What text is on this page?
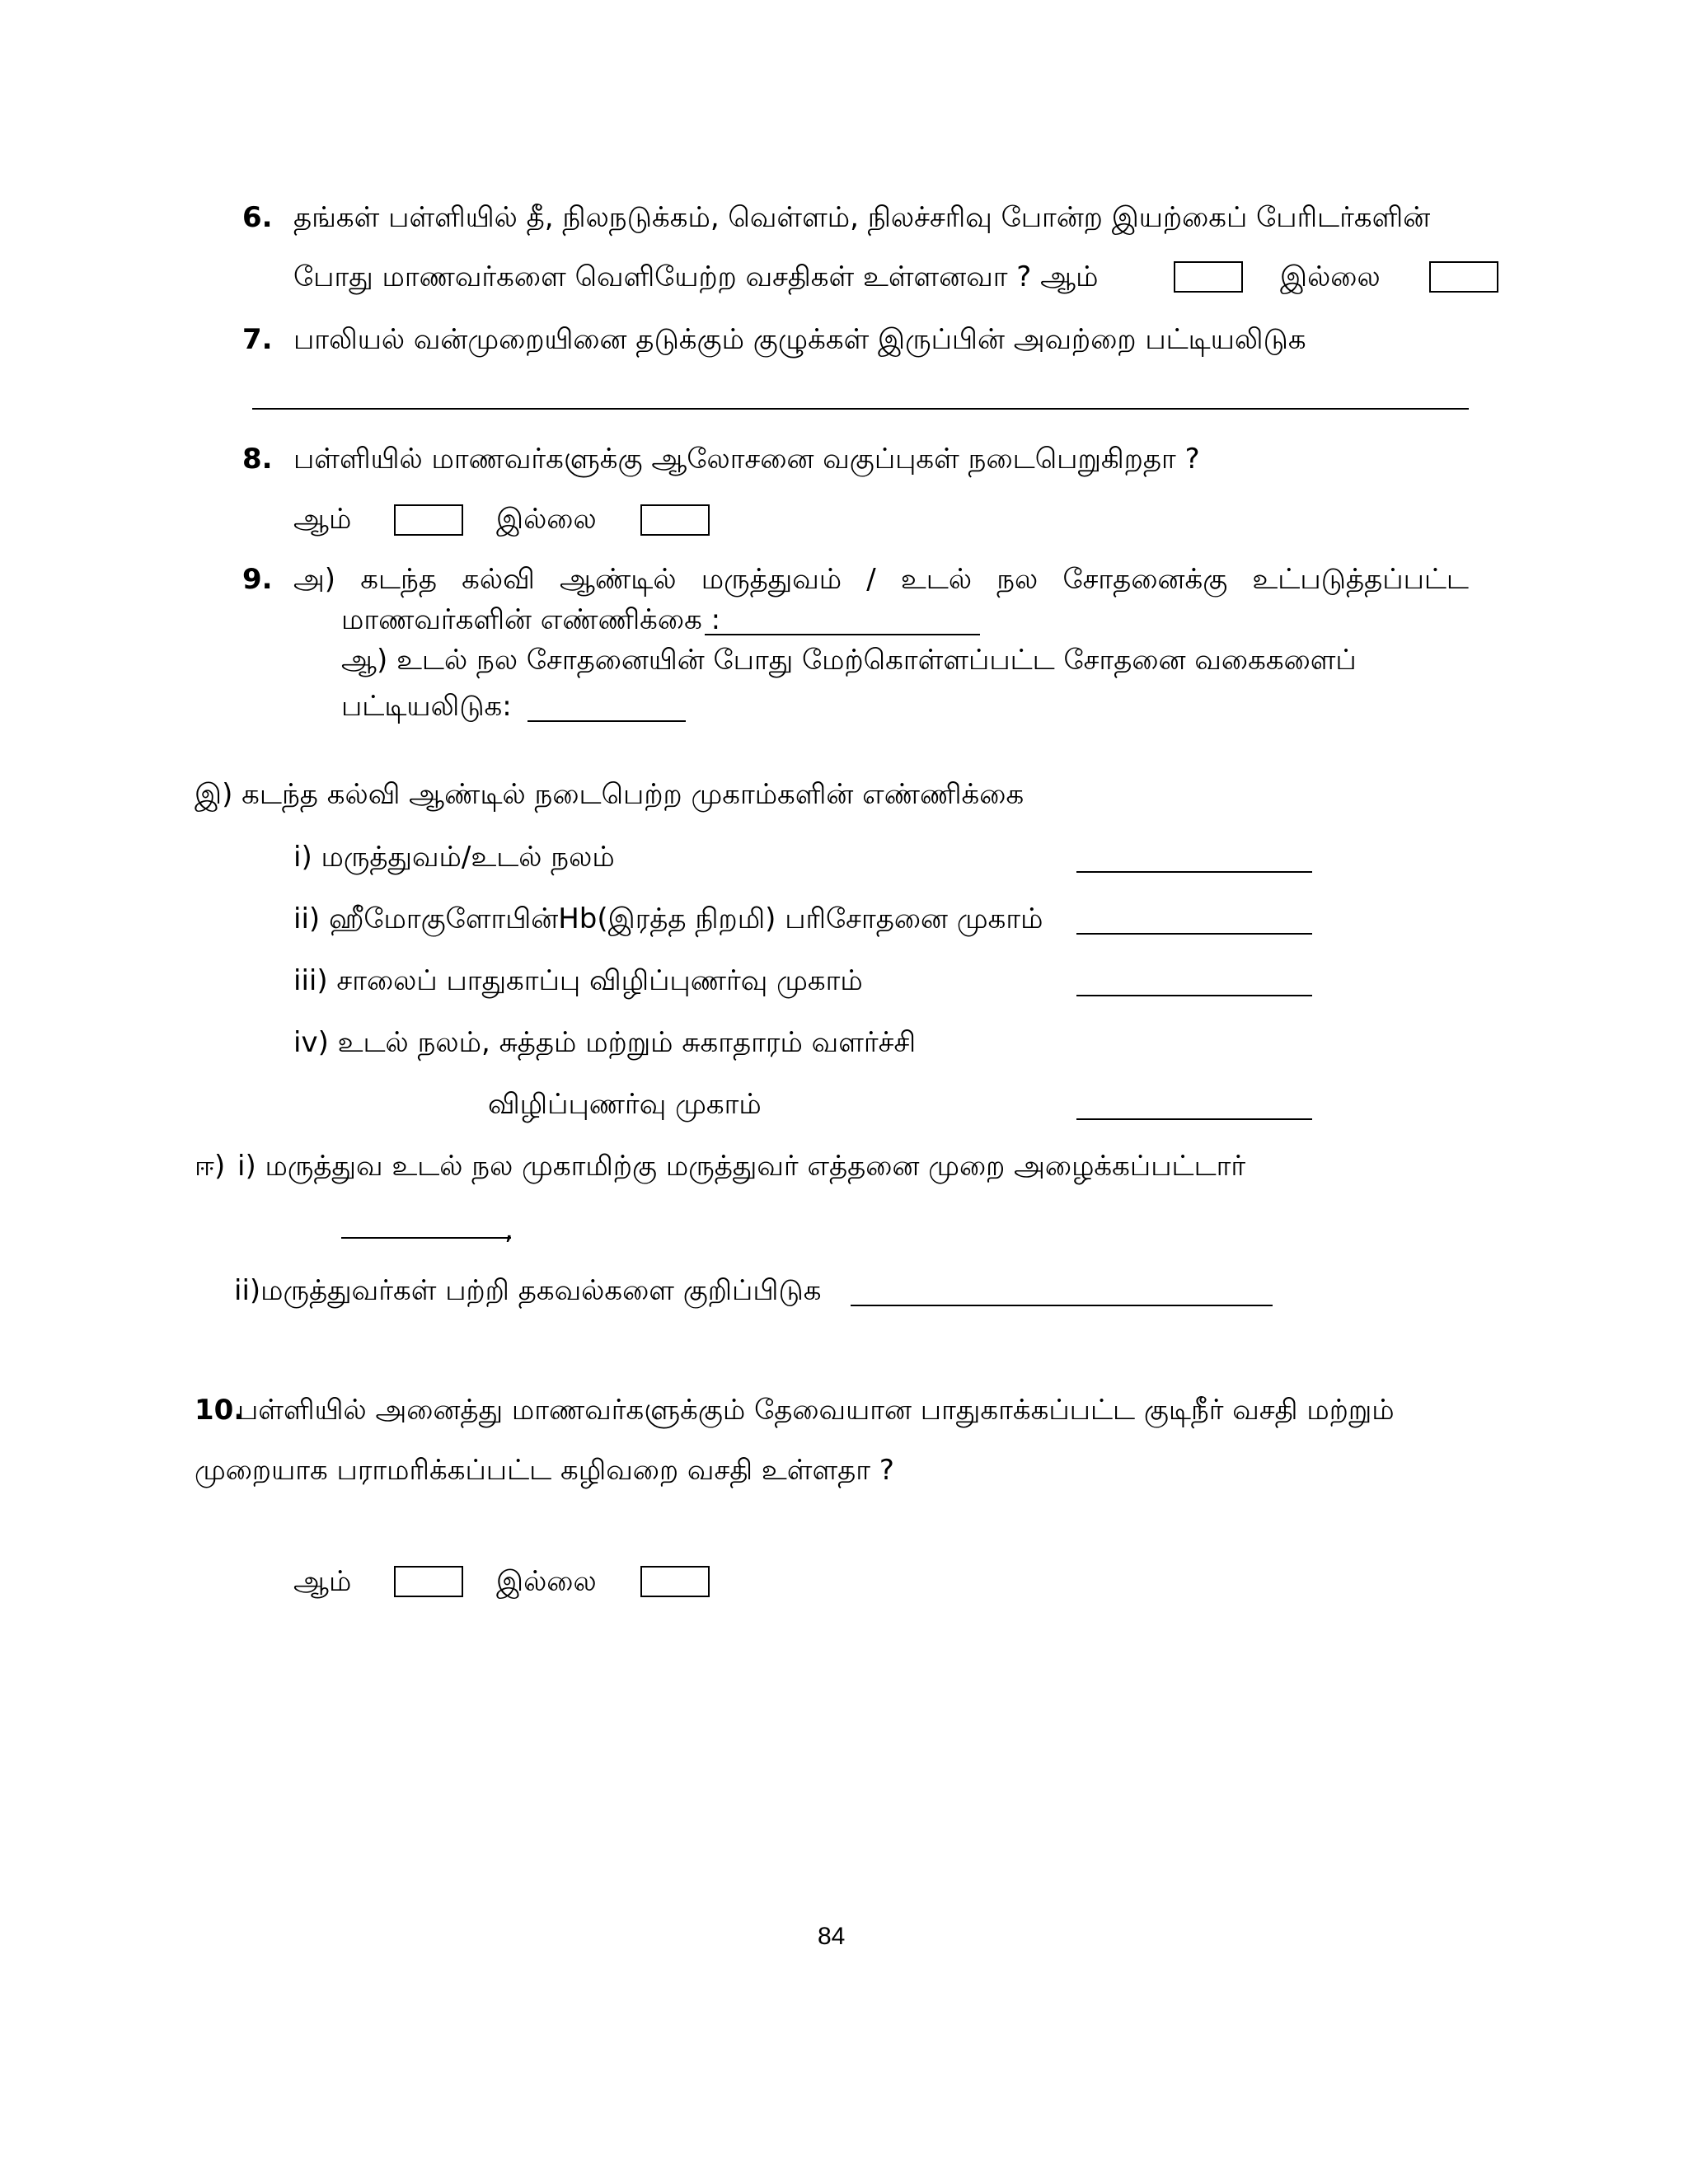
6. தங்கள் பள்ளியில் தீ, நிலநடுக்கம், வெள்ளம், நிலச்சரிவு போன்ற இயற்கைப் பேரிடர்களின்
போது மாணவர்களை வெளியேற்ற வசதிகள் உள்ளனவா ? ஆம்	இல்லை
7. பாலியல் வன்முறையினை தடுக்கும் குழுக்கள் இருப்பின் அவற்றை பட்டியலிடுக
8. பள்ளியில் மாணவர்களுக்கு ஆலோசனை வகுப்புகள் நடைபெறுகிறதா ?
ஆம்	இல்லை
9. அ) கடந்த கல்வி ஆண்டில் மருத்துவம் / உடல் நல சோதனைக்கு உட்படுத்தப்பட்ட
மாணவர்களின் எண்ணிக்கை :
ஆ) உடல் நல சோதனையின் போது மேற்கொள்ளப்பட்ட சோதனை வகைகளைப்
பட்டியலிடுக:
இ) கடந்த கல்வி ஆண்டில் நடைபெற்ற முகாம்களின் எண்ணிக்கை
i) மருத்துவம்/உடல் நலம்
ii) ஹீமோகுளோபின்Hb(இரத்த நிறமி) பரிசோதனை முகாம்
iii) சாலைப் பாதுகாப்பு விழிப்புணர்வு முகாம்
iv) உடல் நலம், சுத்தம் மற்றும் சுகாதாரம் வளர்ச்சி
விழிப்புணர்வு முகாம்
ஈ) i) மருத்துவ உடல் நல முகாமிற்கு மருத்துவர் எத்தனை முறை அழைக்கப்பட்டார்
,
ii)மருத்துவர்கள் பற்றி தகவல்களை குறிப்பிடுக
10.
பள்ளியில் அனைத்து மாணவர்களுக்கும் தேவையான பாதுகாக்கப்பட்ட குடிநீர் வசதி மற்றும்
முறையாக பராமரிக்கப்பட்ட கழிவறை வசதி உள்ளதா ?
ஆம்	இல்லை
84
